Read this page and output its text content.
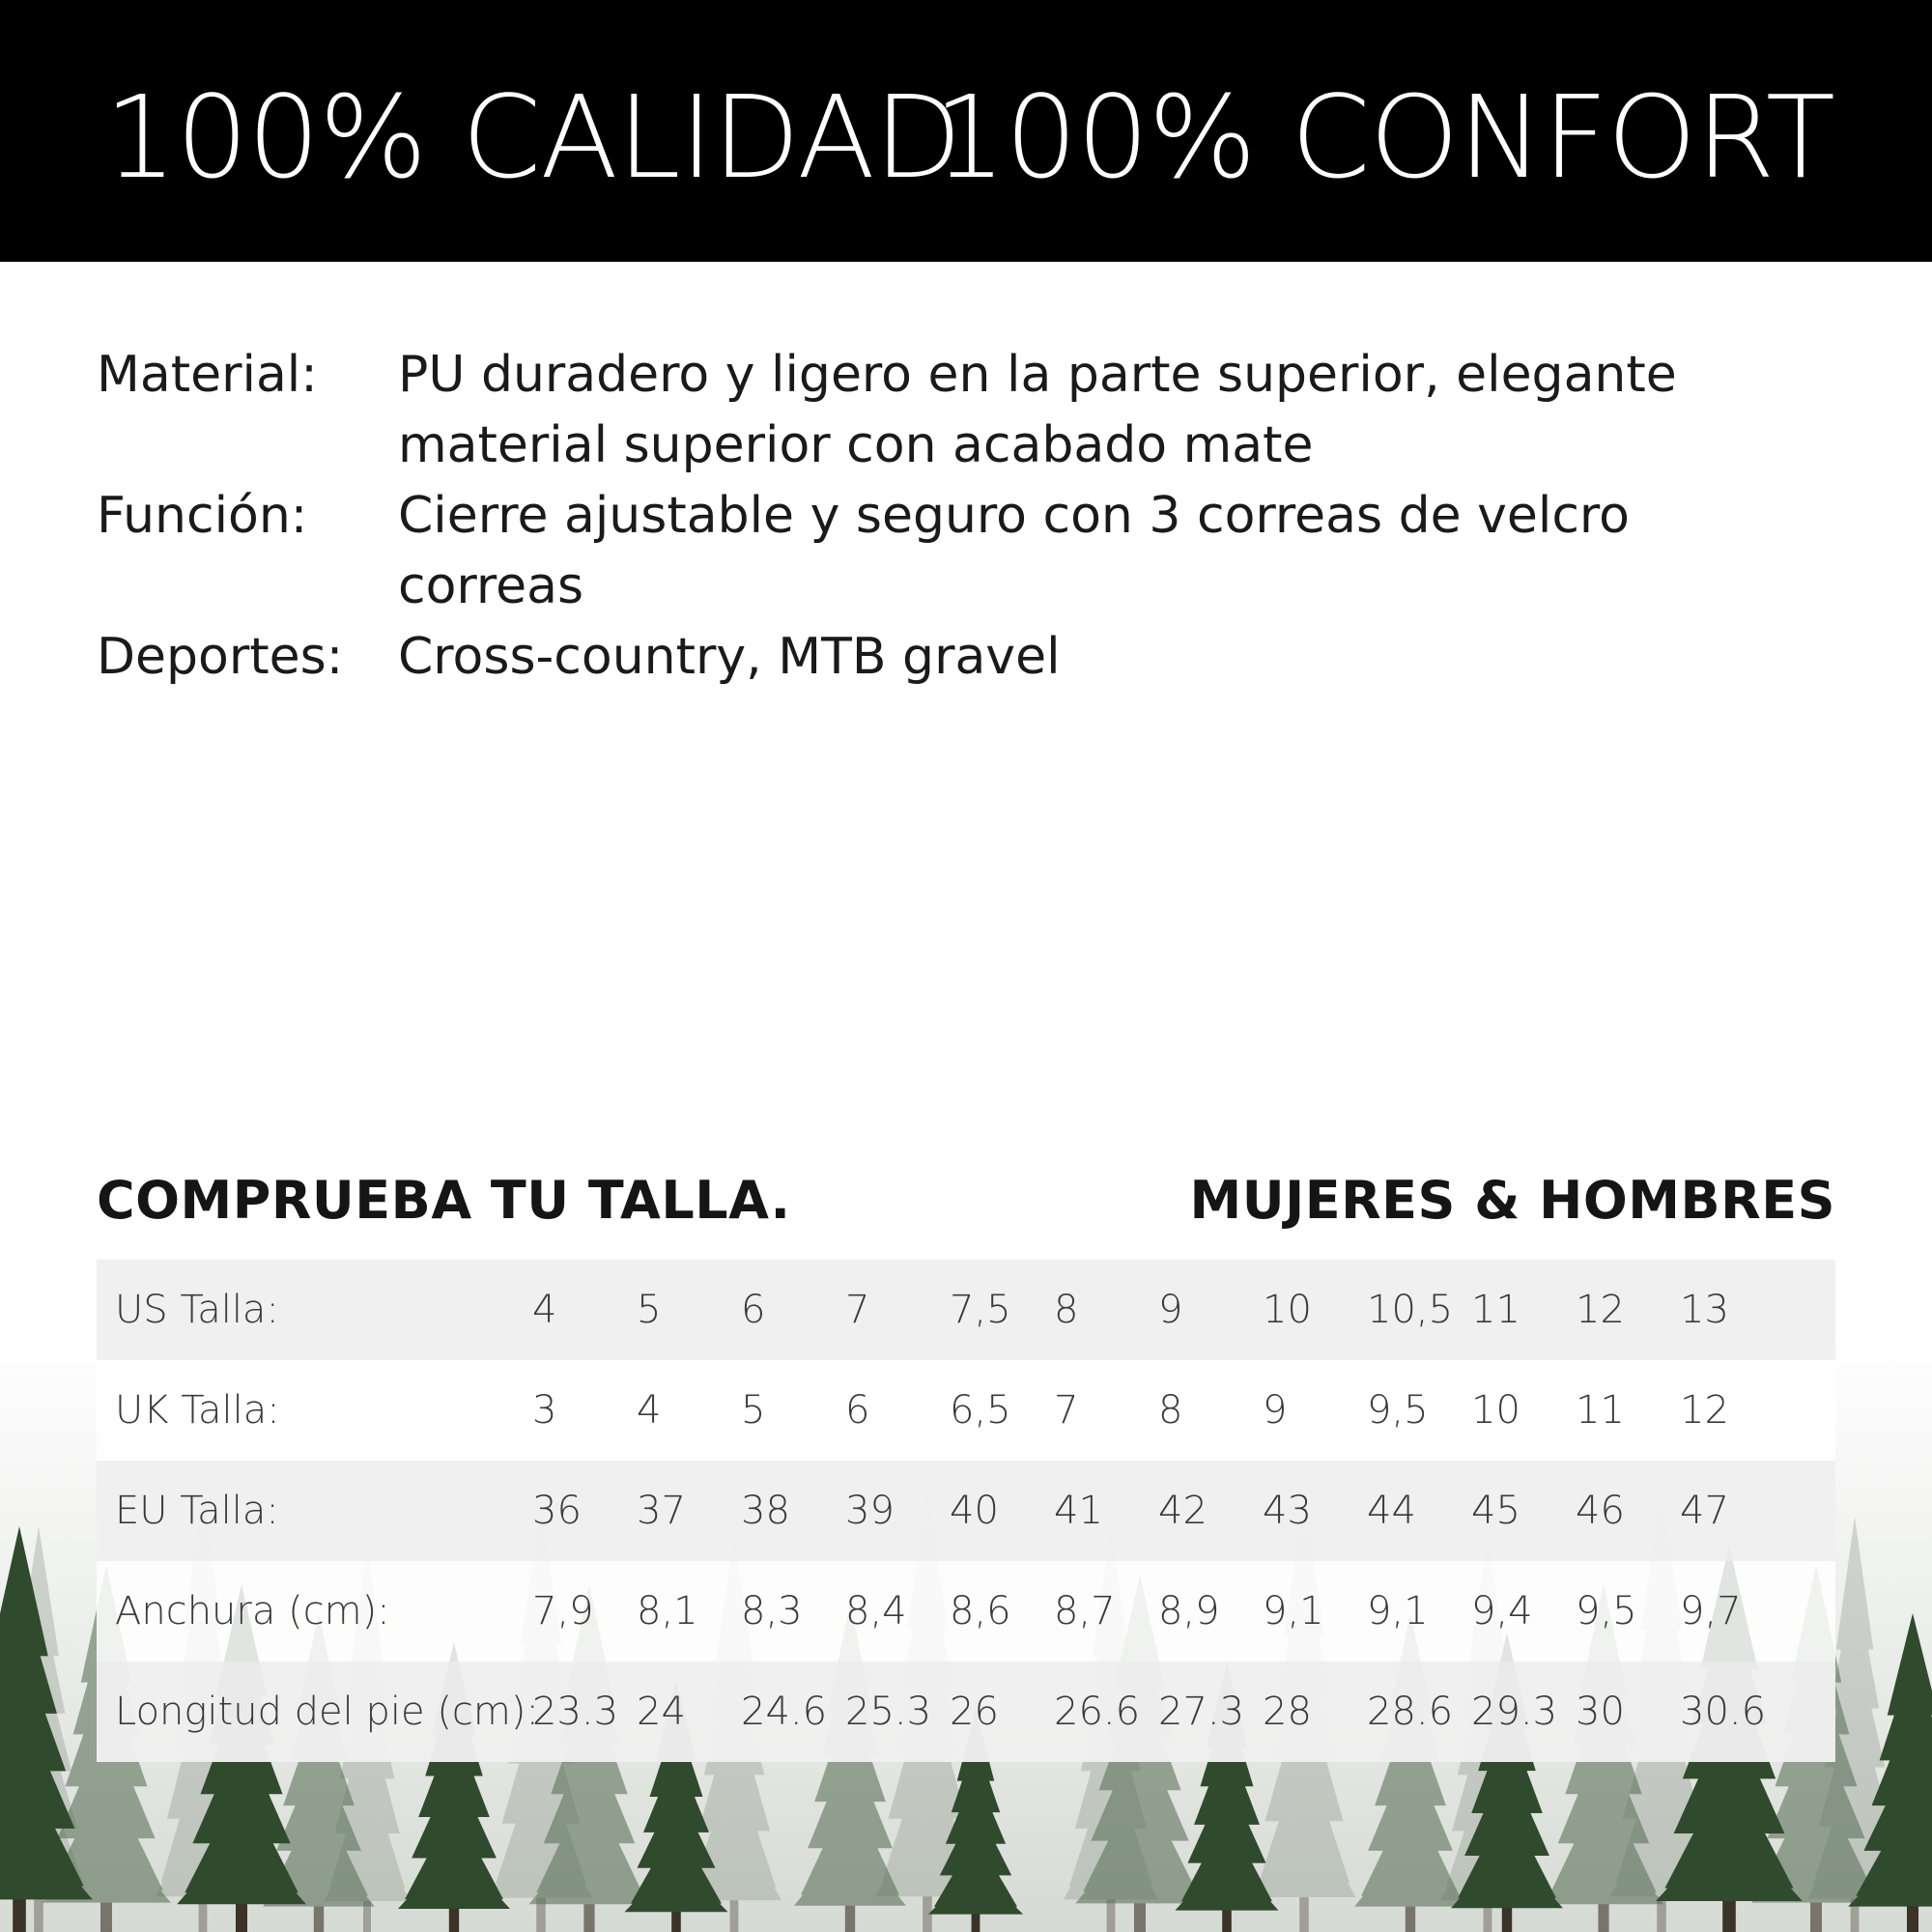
100% CALIDAD
100% CONFORT
Material:	PU duradero y ligero en la parte superior, elegante material superior con acabado mate
Función:	Cierre ajustable y seguro con 3 correas de velcro correas
Deportes:	Cross-country, MTB gravel
COMPRUEBA TU TALLA.	MUJERES & HOMBRES
US Talla:	4 5 6 7 7,5 8 9 10 10,5 11 12 13
UK Talla:	3 4 5 6 6,5 7 8 9 9,5 10 11 12
EU Talla:	36 37 38 39 40 41 42 43 44 45 46 47
Anchura (cm):	7,9 8,1 8,3 8,4 8,6 8,7 8,9 9,1 9,1 9,4 9,5 9,7
Longitud del pie (cm):
23.3 24 24.6 25.3 26 26.6 27.3 28 28.6 29.3 30 30.6
